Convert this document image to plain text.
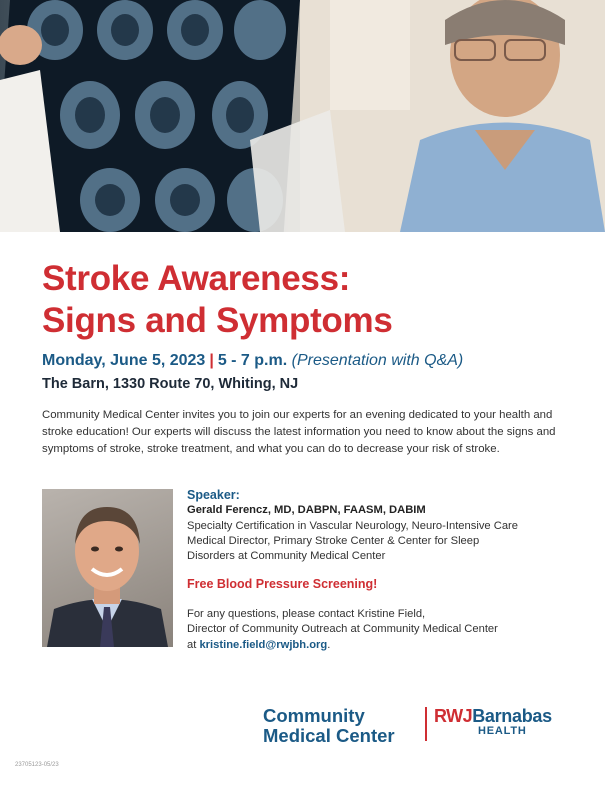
Stroke Awareness:
Signs and Symptoms
Monday, June 5, 2023 | 5 - 7 p.m. (Presentation with Q&A)
The Barn, 1330 Route 70, Whiting, NJ

Community Medical Center invites you to join our experts for an evening dedicated to your health and stroke education! Our experts will discuss the latest information you need to know about the signs and symptoms of stroke, stroke treatment, and what you can do to decrease your risk of stroke.

Speaker:
Gerald Ferencz, MD, DABPN, FAASM, DABIM
Specialty Certification in Vascular Neurology, Neuro-Intensive Care
Medical Director, Primary Stroke Center & Center for Sleep
Disorders at Community Medical Center
Free Blood Pressure Screening!
For any questions, please contact Kristine Field,
Director of Community Outreach at Community Medical Center
at kristine.field@rwjbh.org.
Community
Medical Center
RWJBarnabas
HEALTH
23705123-05/23
